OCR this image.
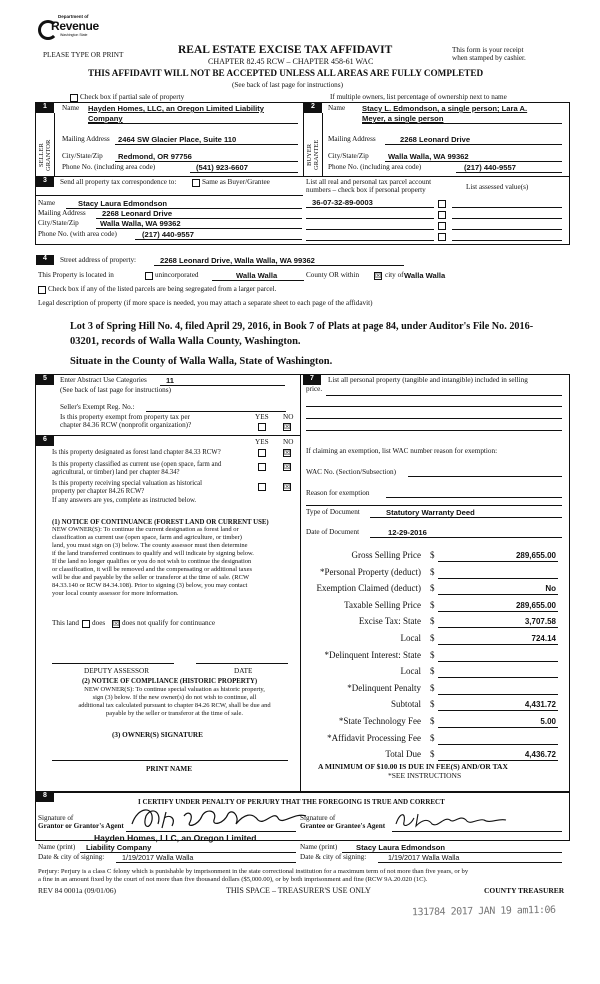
Department of
Revenue
Washington State
PLEASE TYPE OR PRINT	REAL ESTATE EXCISE TAX AFFIDAVIT
CHAPTER 82.45 RCW – CHAPTER 458-61 WAC
This form is your receipt
when stamped by cashier.
THIS AFFIDAVIT WILL NOT BE ACCEPTED UNLESS ALL AREAS ARE FULLY COMPLETED
(See back of last page for instructions)
Check box if partial sale of property	If multiple owners, list percentage of ownership next to name
1
SELLER GRANTOR
Name Hayden Homes, LLC, an Oregon Limited Liability
Company
Mailing Address 2464 SW Glacier Place, Suite 110
City/State/Zip Redmond, OR 97756
Phone No. (including area code)	(541) 923-6607
2
BUYER GRANTEE
Name Stacy L. Edmondson, a single person; Lara A.
Meyer, a single person
Mailing Address	2268 Leonard Drive
City/State/Zip	Walla Walla, WA 99362
Phone No. (including area code)	(217) 440-9557
3	Send all property tax correspondence to:	Same as Buyer/Grantee	List all real and personal tax parcel account
numbers – check box if personal property	List assessed value(s)
Name	Stacy Laura Edmondson
Mailing Address 2268 Leonard Drive
City/State/Zip	Walla Walla, WA 99362
Phone No. (with area code)	(217) 440-9557
36-07-32-89-0003
4	Street address of property:	2268 Leonard Drive, Walla Walla, WA 99362
This Property is located in	unincorporated	Walla Walla	County OR within ☒ city of Walla Walla
Check box if any of the listed parcels are being segregated from a larger parcel.
Legal description of property (if more space is needed, you may attach a separate sheet to each page of the affidavit)
Lot 3 of Spring Hill No. 4, filed April 29, 2016, in Book 7 of Plats at page 84, under Auditor's File No. 2016-
03201, records of Walla Walla County, Washington.
Situate in the County of Walla Walla, State of Washington.
5	Enter Abstract Use Categories	11
(See back of last page for instructions)
Seller's Exempt Reg. No.:
Is this property exempt from property tax per
chapter 84.36 RCW (nonprofit organization)?
YES NO
☒
6	YES NO
Is this property designated as forest land chapter 84.33 RCW?	☒
Is this property classified as current use (open space, farm and
agricultural, or timber) land per chapter 84.34?
☒
Is this property receiving special valuation as historical
property per chapter 84.26 RCW?
☒
If any answers are yes, complete as instructed below.
(1) NOTICE OF CONTINUANCE (FOREST LAND OR CURRENT USE)
NEW OWNER(S): To continue the current designation as forest land or
classification as current use (open space, farm and agriculture, or timber)
land, you must sign on (3) below. The county assessor must then determine
if the land transferred continues to qualify and will indicate by signing below.
If the land no longer qualifies or you do not wish to continue the designation
or classification, it will be removed and the compensating or additional taxes
will be due and payable by the seller or transferor at the time of sale. (RCW
84.33.140 or RCW 84.34.108). Prior to signing (3) below, you may contact
your local county assessor for more information.
This land does ☒ does not qualify for continuance
DEPUTY ASSESSOR	DATE
(2) NOTICE OF COMPLIANCE (HISTORIC PROPERTY)
NEW OWNER(S): To continue special valuation as historic property,
sign (3) below. If the new owner(s) do not wish to continue, all
additional tax calculated pursuant to chapter 84.26 RCW, shall be due and
payable by the seller or transferor at the time of sale.
(3) OWNER(S) SIGNATURE
PRINT NAME
7	List all personal property (tangible and intangible) included in selling
price.
If claiming an exemption, list WAC number reason for exemption:
WAC No. (Section/Subsection)
Reason for exemption
Type of Document	Statutory Warranty Deed
Date of Document	12-29-2016
Gross Selling Price $	289,655.00
*Personal Property (deduct) $
Exemption Claimed (deduct) $	No
Taxable Selling Price $	289,655.00
Excise Tax: State $	3,707.58
Local $	724.14
*Delinquent Interest: State $
Local $
*Delinquent Penalty $
Subtotal $	4,431.72
*State Technology Fee $	5.00
*Affidavit Processing Fee $
Total Due $	4,436.72
A MINIMUM OF $10.00 IS DUE IN FEE(S) AND/OR TAX
*SEE INSTRUCTIONS
8
I CERTIFY UNDER PENALTY OF PERJURY THAT THE FOREGOING IS TRUE AND CORRECT
Signature of
Grantor or Grantor's Agent
Signature of
Grantee or Grantee's Agent
Hayden Homes, LLC, an Oregon Limited
Name (print) Liability Company
Date & city of signing: 1/19/2017 Walla Walla
Name (print) Stacy Laura Edmondson
Date & city of signing:	1/19/2017 Walla Walla
Perjury: Perjury is a class C felony which is punishable by imprisonment in the state correctional institution for a maximum term of not more than five years, or by
a fine in an amount fixed by the court of not more than five thousand dollars ($5,000.00), or by both imprisonment and fine (RCW 9A.20.020 (1C).
REV 84 0001a (09/01/06)	THIS SPACE – TREASURER'S USE ONLY	COUNTY TREASURER
131784 2017 JAN 19 am11:06
